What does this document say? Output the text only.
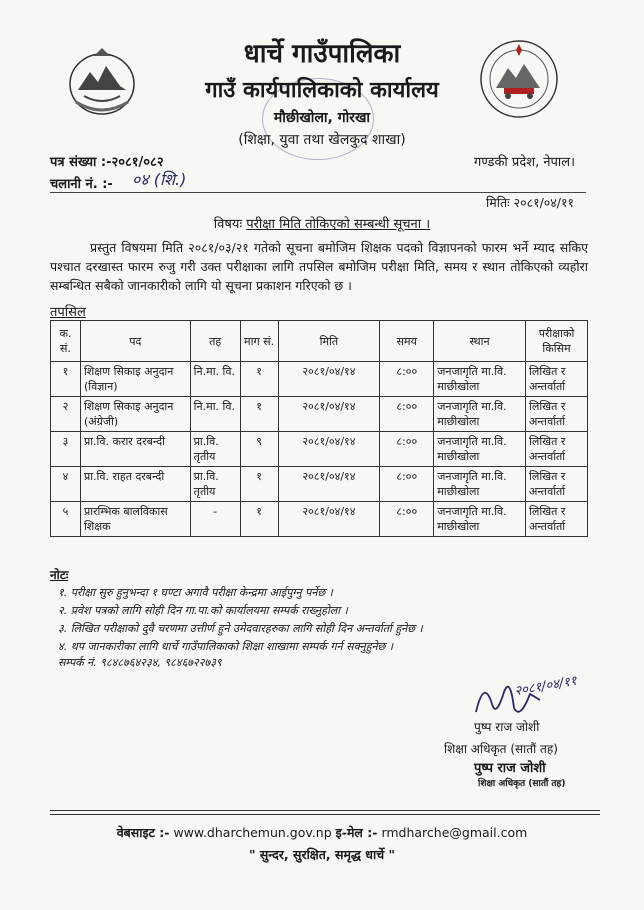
धार्चे गाउँपालिका
गाउँ कार्यपालिकाको कार्यालय
मौछीखोला, गोरखा
(शिक्षा, युवा तथा खेलकुद शाखा)
पत्र संख्या :-२०८१/०८२	गण्डकी प्रदेश, नेपाल।
चलानी नं. :- ०४ (शि.)
मितिः २०८१/०४/११
विषयः परीक्षा मिति तोकिएको सम्बन्धी सूचना ।
प्रस्तुत विषयमा मिति २०८१/०३/२१ गतेको सूचना बमोजिम शिक्षक पदको विज्ञापनको फारम भर्ने म्याद सकिए पश्चात दरखास्त फारम रुजु गरी उक्त परीक्षाका लागि तपसिल बमोजिम परीक्षा मिति, समय र स्थान तोकिएको व्यहोरा सम्बन्धित सबैको जानकारीको लागि यो सूचना प्रकाशन गरिएको छ ।
तपसिल
क. सं.	पद	तह	माग सं.	मिति	समय	स्थान	परीक्षाको किसिम
१	शिक्षण सिकाइ अनुदान (विज्ञान)	नि.मा. वि.	१	२०८१/०४/१४	८:००	जनजागृति मा.वि. माछीखोला	लिखित र अन्तर्वार्ता
२	शिक्षण सिकाइ अनुदान (अंग्रेजी)	नि.मा. वि.	१	२०८१/०४/१४	८:००	जनजागृति मा.वि. माछीखोला	लिखित र अन्तर्वार्ता
३	प्रा.वि. करार दरबन्दी	प्रा.वि. तृतीय	९	२०८१/०४/१४	८:००	जनजागृति मा.वि. माछीखोला	लिखित र अन्तर्वार्ता
४	प्रा.वि. राहत दरबन्दी	प्रा.वि. तृतीय	१	२०८१/०४/१४	८:००	जनजागृति मा.वि. माछीखोला	लिखित र अन्तर्वार्ता
५	प्रारम्भिक बालविकास शिक्षक	-	१	२०८१/०४/१४	८:००	जनजागृति मा.वि. माछीखोला	लिखित र अन्तर्वार्ता
नोटः
१. परीक्षा सुरु हुनुभन्दा १ घण्टा अगावै परीक्षा केन्द्रमा आईपुग्नु पर्नेछ ।
२. प्रवेश पत्रको लागि सोही दिन गा.पा.को कार्यालयमा सम्पर्क राख्नुहोला ।
३. लिखित परीक्षाको दुवै चरणमा उत्तीर्ण हुने उमेदवारहरुका लागि सोही दिन अन्तर्वार्ता हुनेछ ।
४. थप जानकारीका लागि धार्चे गाउँपालिकाको शिक्षा शाखामा सम्पर्क गर्न सक्नुहुनेछ ।
सम्पर्क नं. ९८४८७६४२३४, ९८४६७२२७३९
२०८१/०४/११
पुष्प राज जोशी
शिक्षा अधिकृत (सातौं तह)
पुष्प राज जोशी
शिक्षा अधिकृत (सातौं तह)
वेबसाइट :- www.dharchemun.gov.np इ-मेल :- rmdharche@gmail.com
" सुन्दर, सुरक्षित, समृद्ध धार्चे "
